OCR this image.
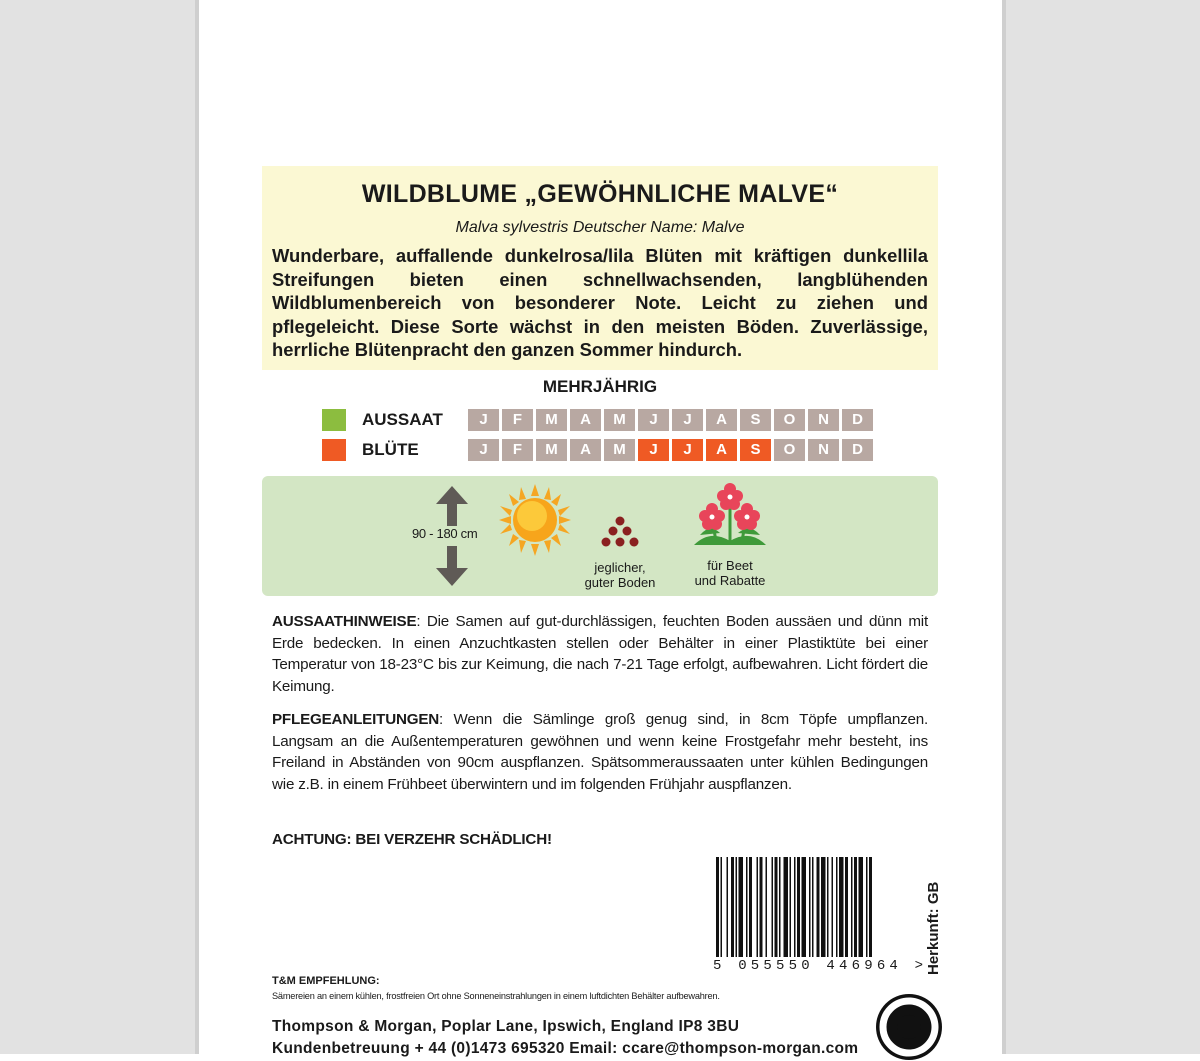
WILDBLUME „GEWÖHNLICHE MALVE“
Malva sylvestris Deutscher Name: Malve
Wunderbare, auffallende dunkelrosa/lila Blüten mit kräftigen dunkellila Streifungen bieten einen schnellwachsenden, langblühenden Wildblumenbereich von besonderer Note. Leicht zu ziehen und pflegeleicht. Diese Sorte wächst in den meisten Böden. Zuverlässige, herrliche Blütenpracht den ganzen Sommer hindurch.
MEHRJÄHRIG
AUSSAAT	J	F	M	A	M	J	J	A	S	O	N	D
BLÜTE	J	F	M	A	M	J	J	A	S	O	N	D
90 - 180 cm
jeglicher,
guter Boden
für Beet
und Rabatte
AUSSAATHINWEISE: Die Samen auf gut-durchlässigen, feuchten Boden aussäen und dünn mit Erde bedecken. In einen Anzuchtkasten stellen oder Behälter in einer Plastiktüte bei einer Temperatur von 18-23°C bis zur Keimung, die nach 7-21 Tage erfolgt, aufbewahren. Licht fördert die Keimung.
PFLEGEANLEITUNGEN: Wenn die Sämlinge groß genug sind, in 8cm Töpfe umpflanzen. Langsam an die Außentemperaturen gewöhnen und wenn keine Frostgefahr mehr besteht, ins Freiland in Abständen von 90cm auspflanzen. Spätsommeraussaaten unter kühlen Bedingungen wie z.B. in einem Frühbeet überwintern und im folgenden Frühjahr auspflanzen.
ACHTUNG: BEI VERZEHR SCHÄDLICH!
5 055550 446964 >
Herkunft: GB
T&M EMPFEHLUNG:
Sämereien an einem kühlen, frostfreien Ort ohne Sonneneinstrahlungen in einem luftdichten Behälter aufbewahren.
Thompson & Morgan, Poplar Lane, Ipswich, England IP8 3BU
Kundenbetreuung + 44 (0)1473 695320 Email: ccare@thompson-morgan.com
